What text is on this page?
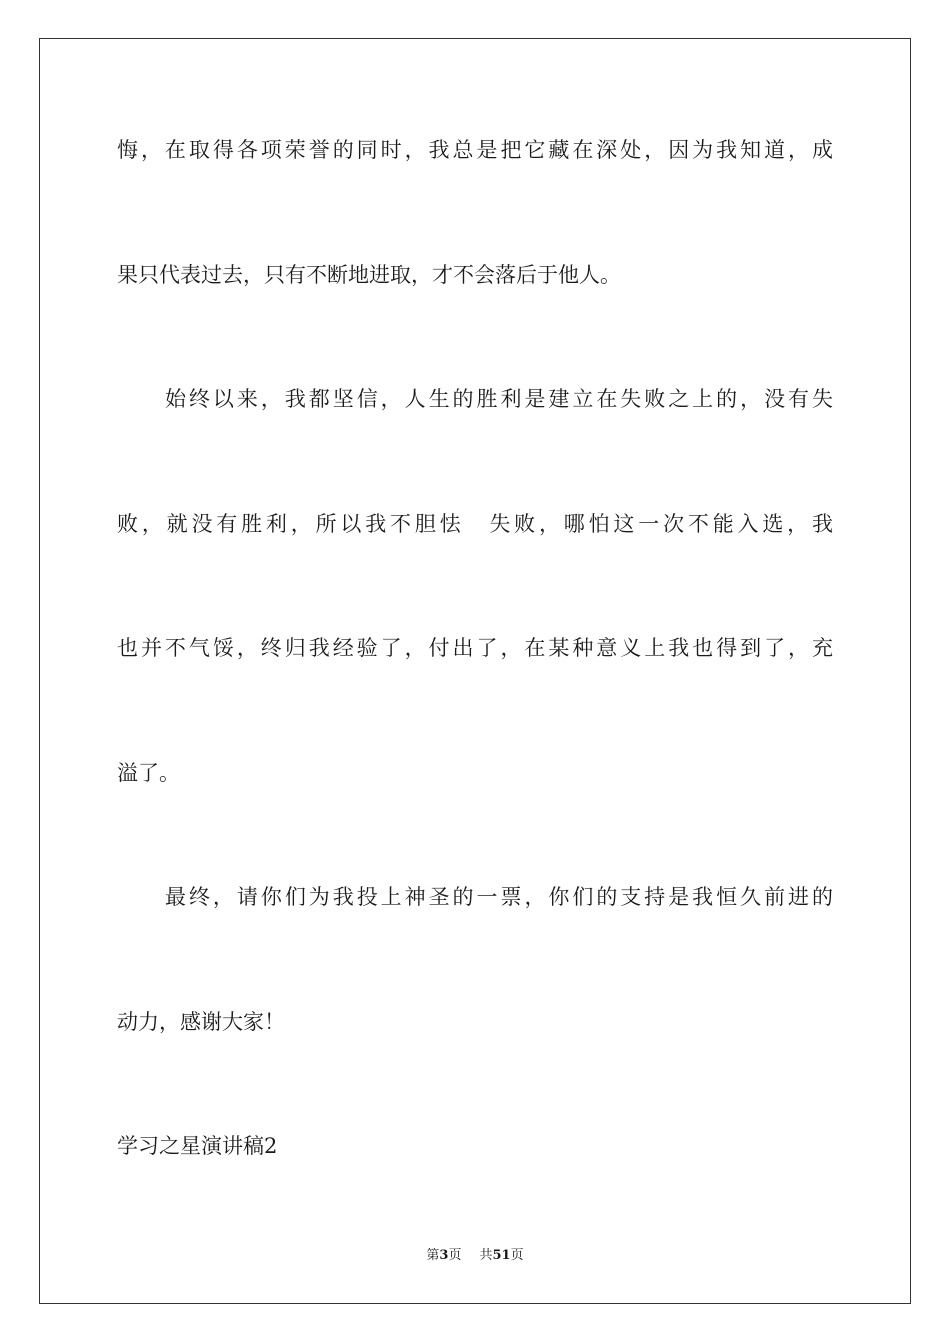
悔，在取得各项荣誉的同时，我总是把它藏在深处，因为我知道，成
果只代表过去，只有不断地进取，才不会落后于他人。
始终以来，我都坚信，人生的胜利是建立在失败之上的，没有失
败，就没有胜利，所以我不胆怯　失败，哪怕这一次不能入选，我
也并不气馁，终归我经验了，付出了，在某种意义上我也得到了，充
溢了。
最终，请你们为我投上神圣的一票，你们的支持是我恒久前进的
动力，感谢大家！
学习之星演讲稿2
第3页 共51页
